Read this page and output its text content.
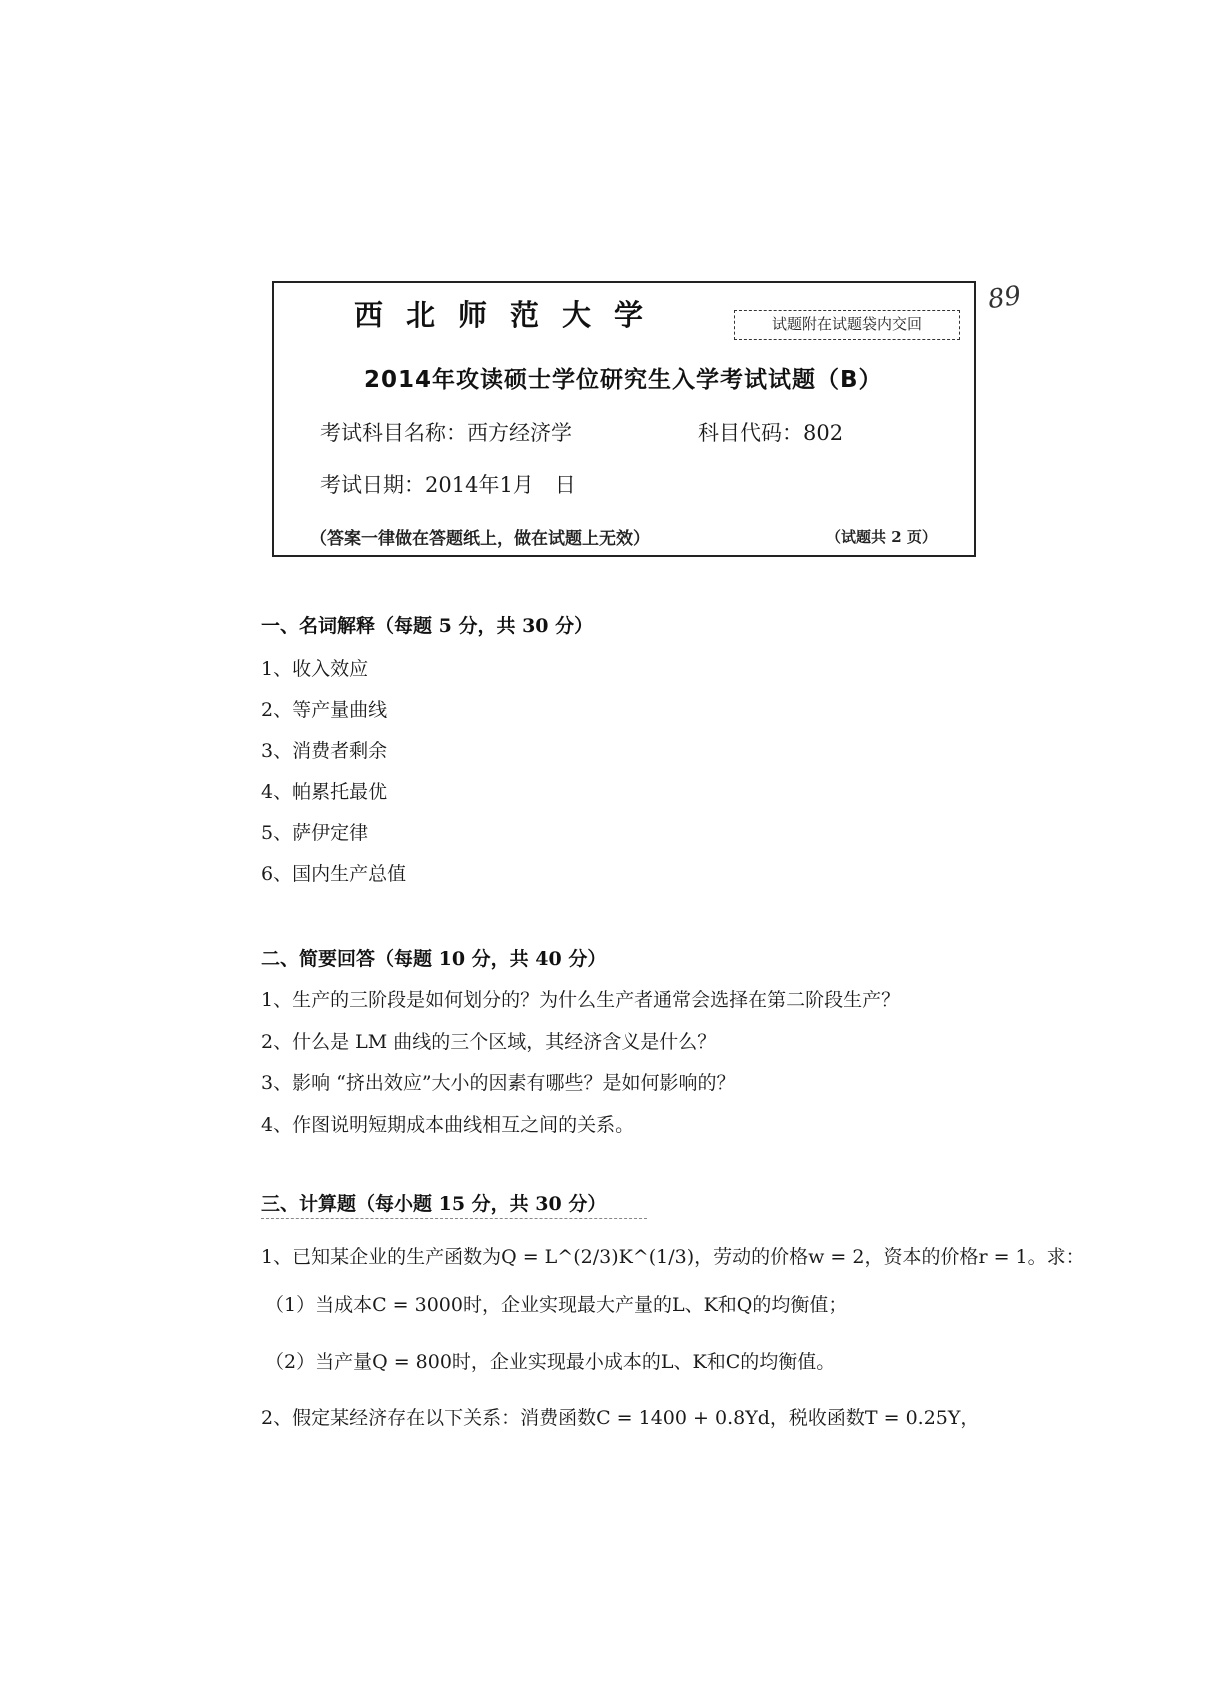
89
西北师范大学	试题附在试题袋内交回
2014年攻读硕士学位研究生入学考试试题（B）
考试科目名称：西方经济学	科目代码：802
考试日期：2014年1月　日
（答案一律做在答题纸上，做在试题上无效）	（试题共 2 页）
一、名词解释（每题 5 分，共 30 分）
1、收入效应
2、等产量曲线
3、消费者剩余
4、帕累托最优
5、萨伊定律
6、国内生产总值
二、简要回答（每题 10 分，共 40 分）
1、生产的三阶段是如何划分的？为什么生产者通常会选择在第二阶段生产？
2、什么是 LM 曲线的三个区域，其经济含义是什么？
3、影响 “挤出效应”大小的因素有哪些？是如何影响的？
4、作图说明短期成本曲线相互之间的关系。
三、计算题（每小题 15 分，共 30 分）
1、已知某企业的生产函数为Q = L^(2/3)K^(1/3)，劳动的价格w = 2，资本的价格r = 1。求：
（1）当成本C = 3000时，企业实现最大产量的L、K和Q的均衡值；
（2）当产量Q = 800时，企业实现最小成本的L、K和C的均衡值。
2、假定某经济存在以下关系：消费函数C = 1400 + 0.8Yd，税收函数T = 0.25Y，
